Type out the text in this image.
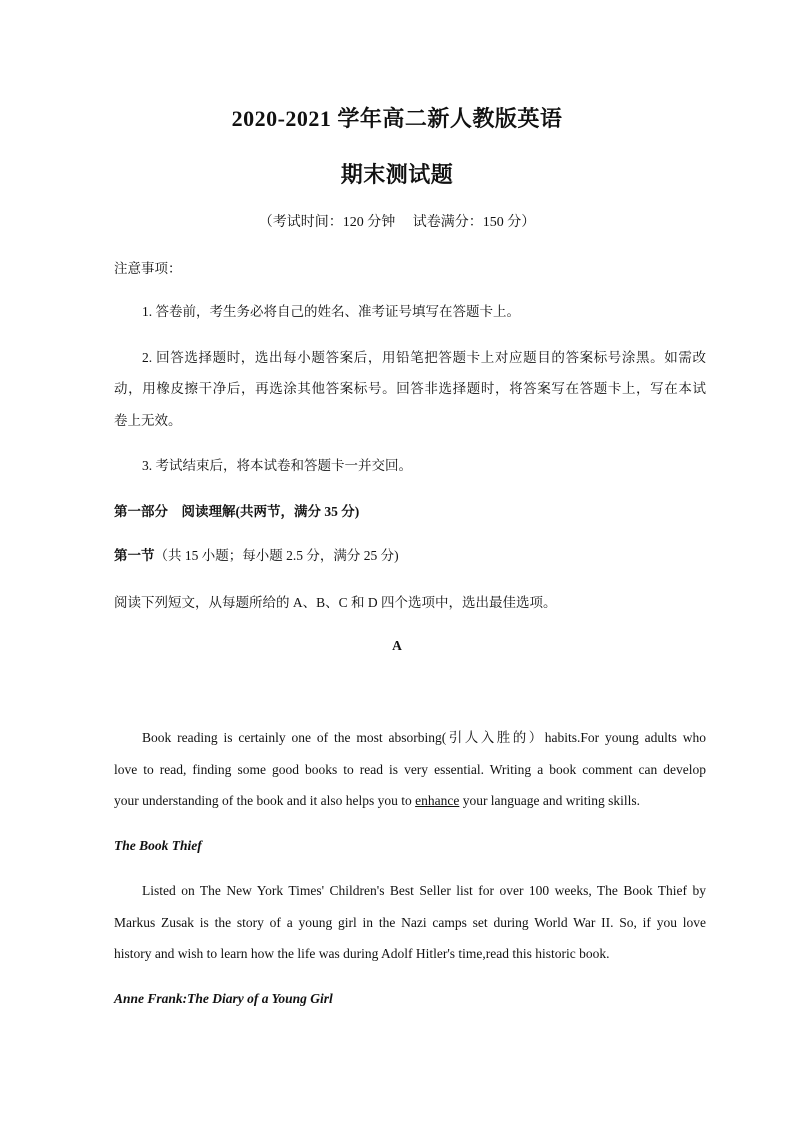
2020-2021 学年高二新人教版英语
期末测试题
（考试时间：120 分钟　 试卷满分：150 分）
注意事项：
1. 答卷前，考生务必将自己的姓名、准考证号填写在答题卡上。
2. 回答选择题时，选出每小题答案后，用铅笔把答题卡上对应题目的答案标号涂黑。如需改
动，用橡皮擦干净后，再选涂其他答案标号。回答非选择题时，将答案写在答题卡上，写在本试
卷上无效。
3. 考试结束后，将本试卷和答题卡一并交回。
第一部分　阅读理解(共两节，满分 35 分)
第一节（共 15 小题；每小题 2.5 分，满分 25 分)
阅读下列短文，从每题所给的 A、B、C 和 D 四个选项中，选出最佳选项。
A
Book reading is certainly one of the most absorbing(引人入胜的）habits.For young adults who
love to read, finding some good books to read is very essential. Writing a book comment can develop
your understanding of the book and it also helps you to enhance your language and writing skills.
The Book Thief
Listed on The New York Times' Children's Best Seller list for over 100 weeks, The Book Thief by
Markus Zusak is the story of a young girl in the Nazi camps set during World War II. So, if you love
history and wish to learn how the life was during Adolf Hitler's time,read this historic book.
Anne Frank:The Diary of a Young Girl
